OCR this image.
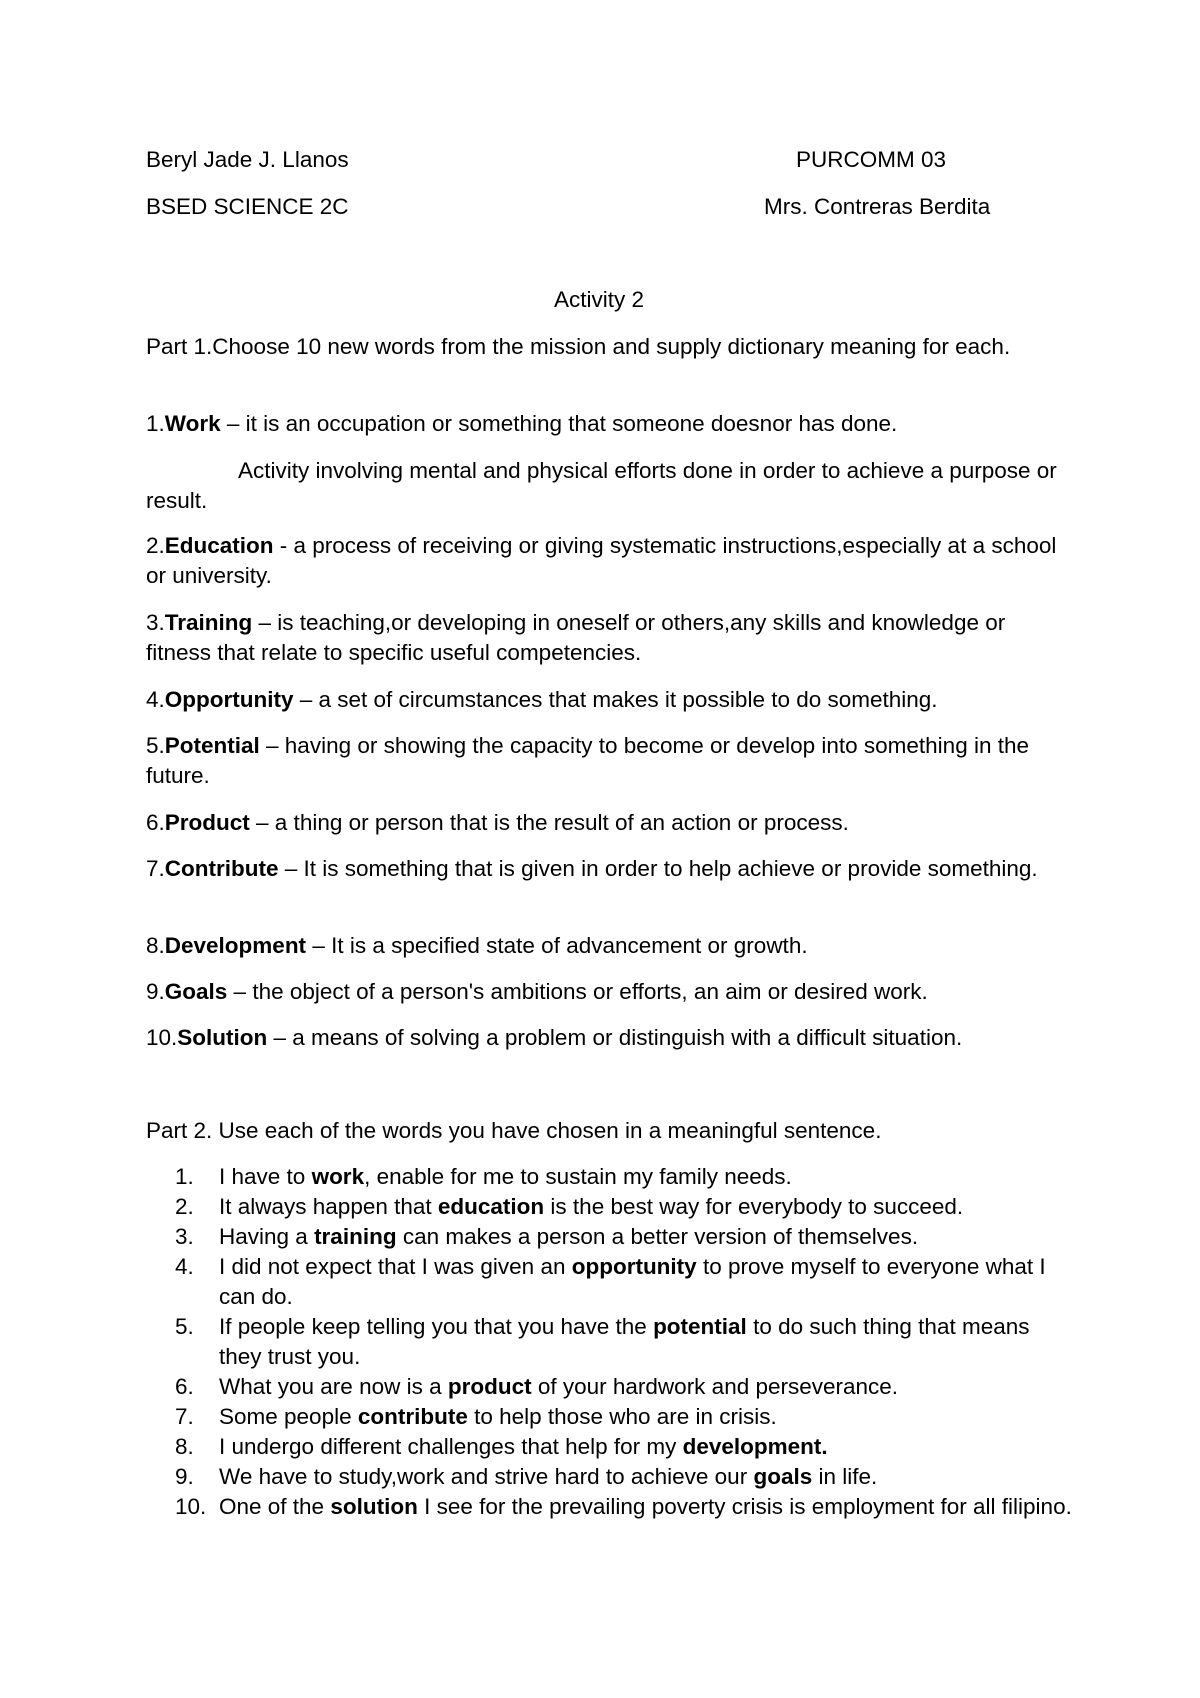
Beryl Jade J. Llanos	PURCOMM 03
BSED SCIENCE 2C	Mrs. Contreras Berdita
Activity 2
Part 1.Choose 10 new words from the mission and supply dictionary meaning for each.
1.Work – it is an occupation or something that someone doesnor has done.
Activity involving mental and physical efforts done in order to achieve a purpose or result.
2.Education - a process of receiving or giving systematic instructions,especially at a school or university.
3.Training – is teaching,or developing in oneself or others,any skills and knowledge or fitness that relate to specific useful competencies.
4.Opportunity – a set of circumstances that makes it possible to do something.
5.Potential – having or showing the capacity to become or develop into something in the future.
6.Product – a thing or person that is the result of an action or process.
7.Contribute – It is something that is given in order to help achieve or provide something.
8.Development – It is a specified state of advancement or growth.
9.Goals – the object of a person's ambitions or efforts, an aim or desired work.
10.Solution – a means of solving a problem or distinguish with a difficult situation.
Part 2. Use each of the words you have chosen in a meaningful sentence.
1.	I have to work, enable for me to sustain my family needs.
2.	It always happen that education is the best way for everybody to succeed.
3.	Having a training can makes a person a better version of themselves.
4.	I did not expect that I was given an opportunity to prove myself to everyone what I can do.
5.	If people keep telling you that you have the potential to do such thing that means they trust you.
6.	What you are now is a product of your hardwork and perseverance.
7.	Some people contribute to help those who are in crisis.
8.	I undergo different challenges that help for my development.
9.	We have to study,work and strive hard to achieve our goals in life.
10. One of the solution I see for the prevailing poverty crisis is employment for all filipino.
